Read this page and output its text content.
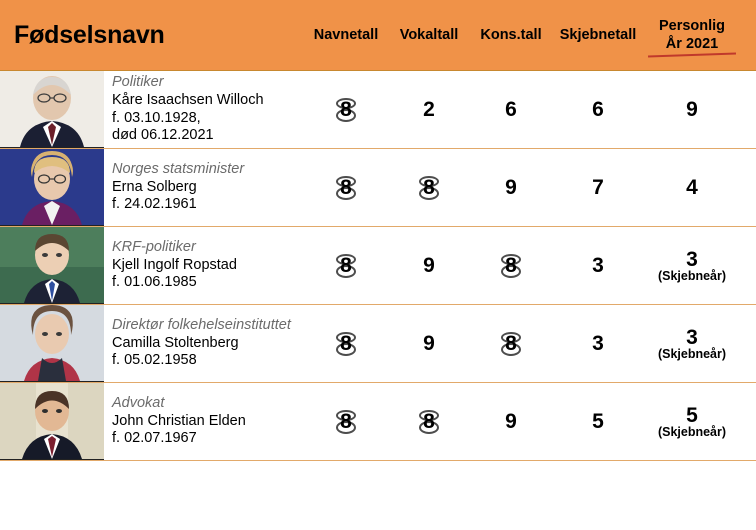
Fødselsnavn	Navnetall	Vokaltall	Kons.tall	Skjebnetall
Personlig
År 2021
Politiker
Kåre Isaachsen Willoch
f. 03.10.1928,
død 06.12.2021
8	2	6	6	9
Norges statsminister
Erna Solberg
f. 24.02.1961
8	8	9	7	4
KRF-politiker
Kjell Ingolf Ropstad
f. 01.06.1985
8	9	8	3	3
(Skjebneår)
Direktør folkehelseinstituttet
Camilla Stoltenberg
f. 05.02.1958
8	9	8	3	3
(Skjebneår)
Advokat
John Christian Elden
f. 02.07.1967
8	8	9	5	5
(Skjebneår)
